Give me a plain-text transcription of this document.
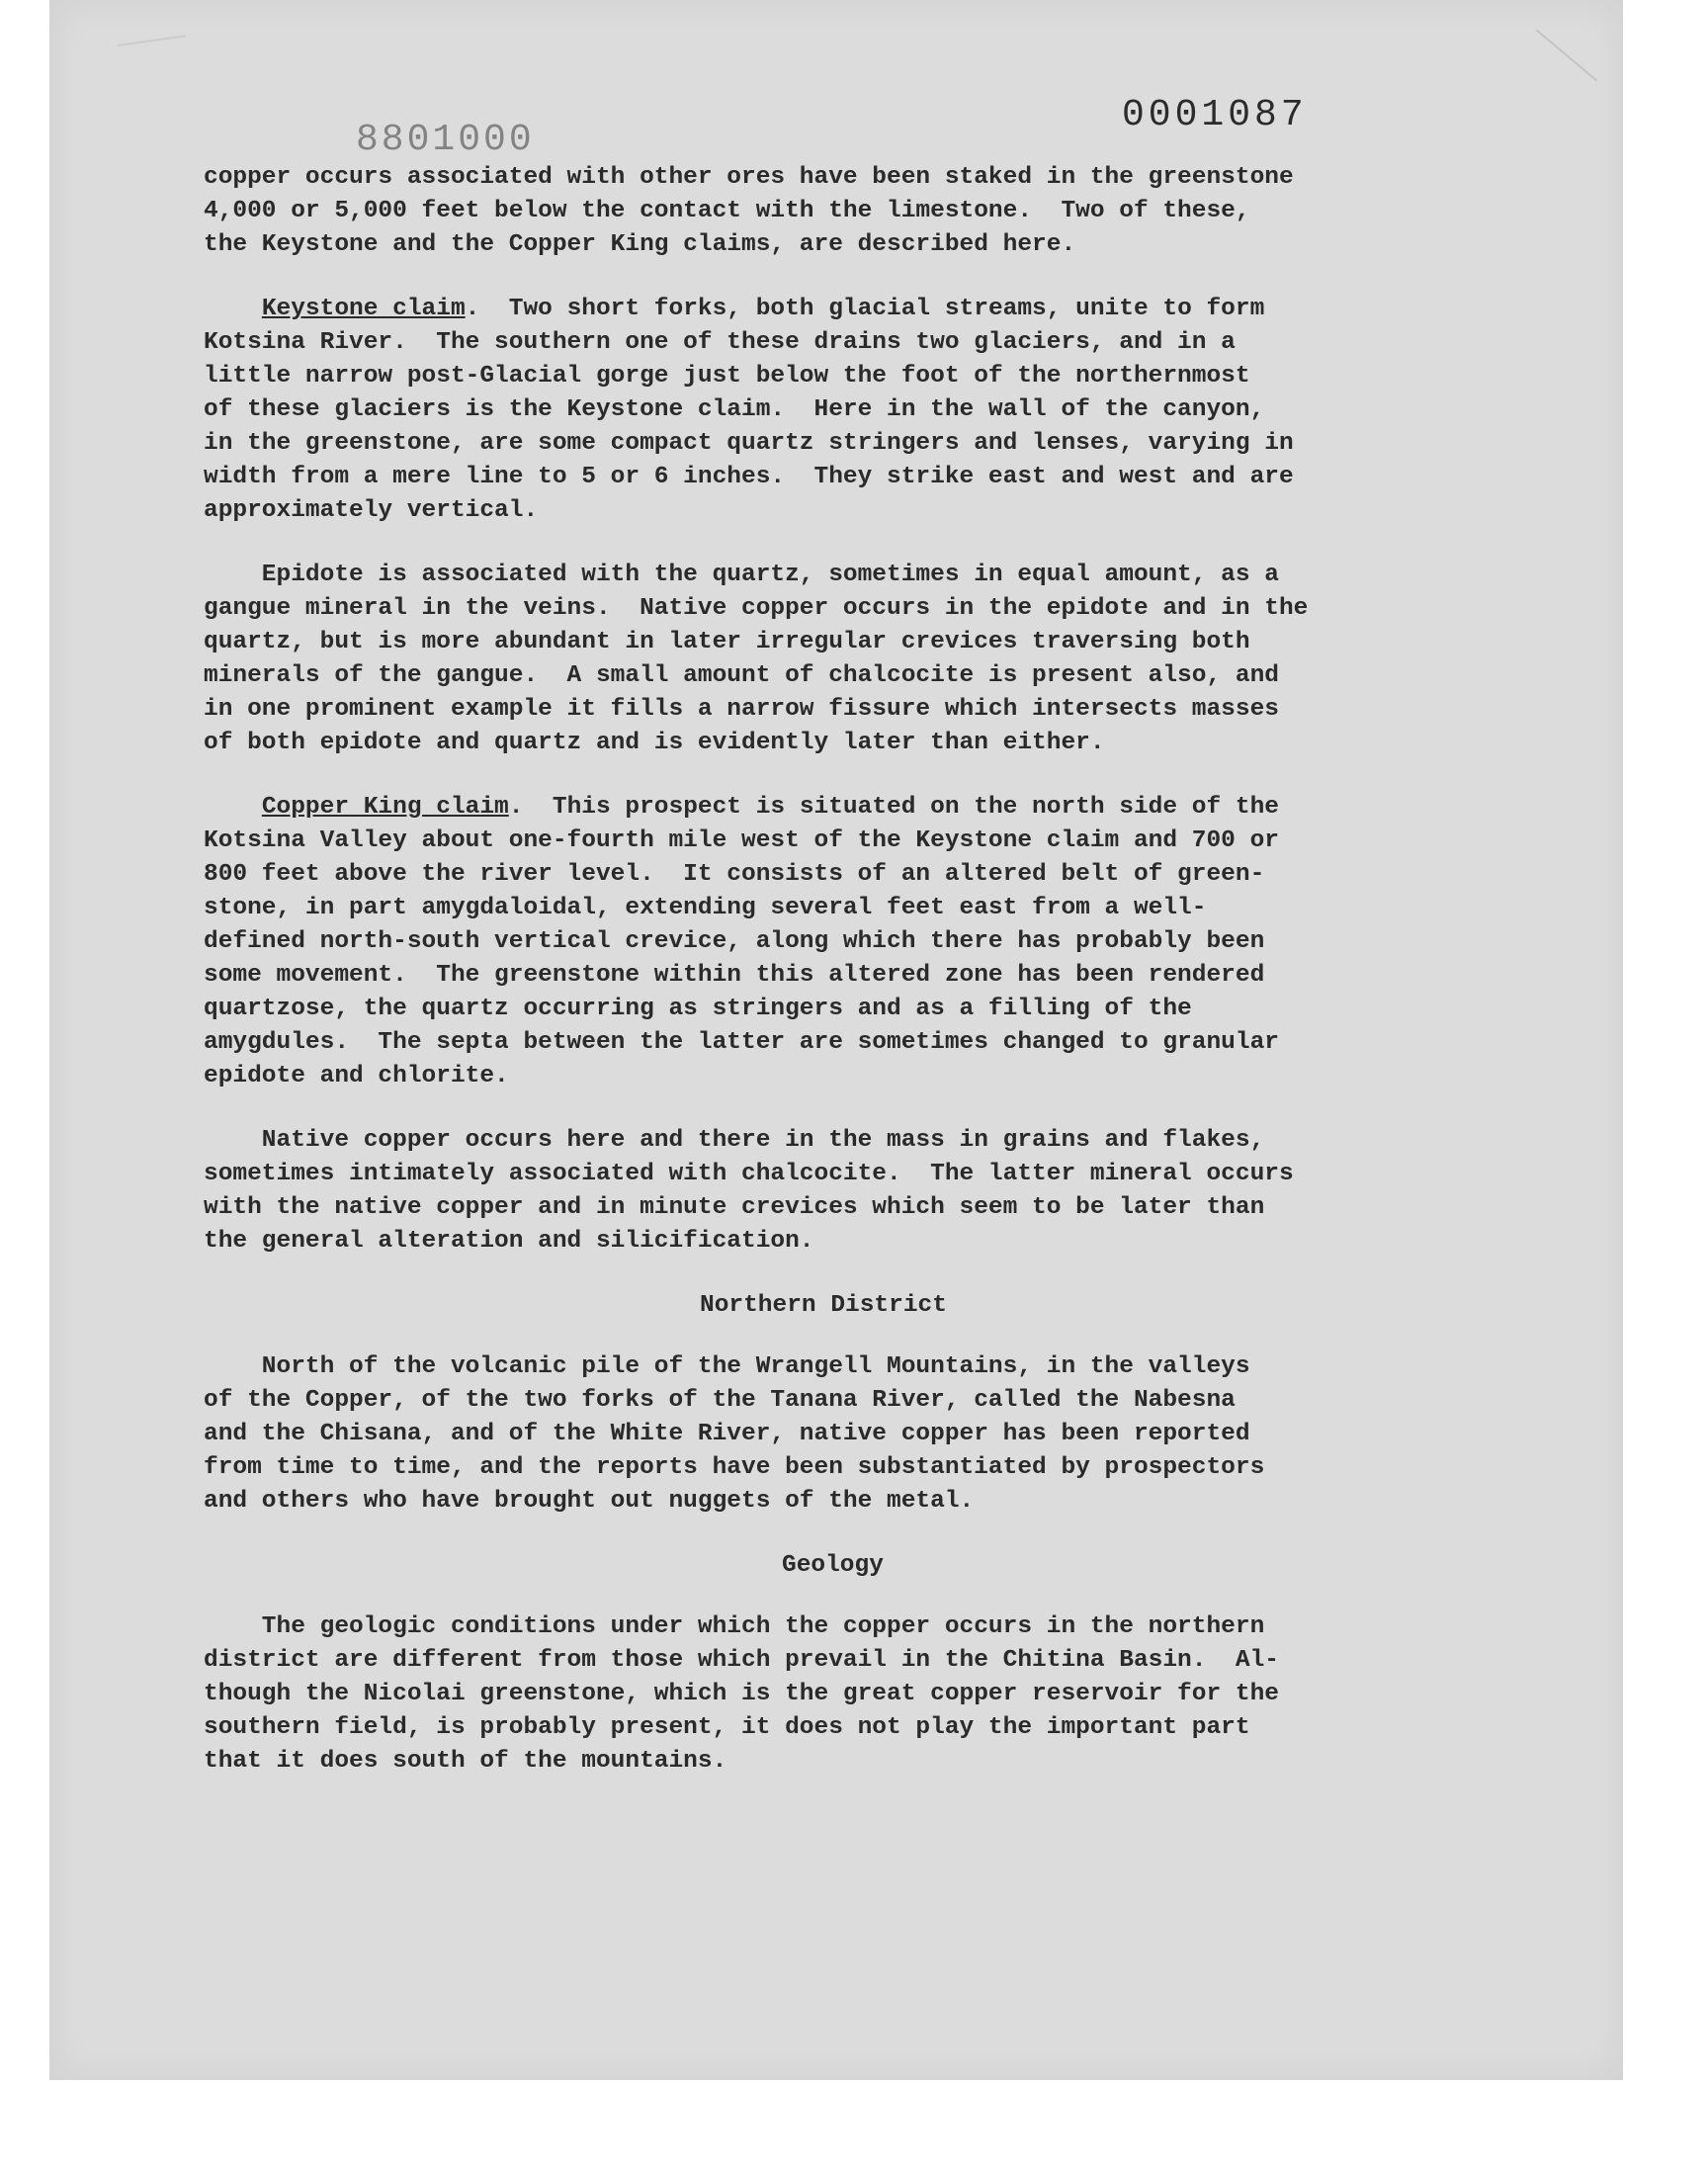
0001087
8801000

copper occurs associated with other ores have been staked in the greenstone
4,000 or 5,000 feet below the contact with the limestone.  Two of these,
the Keystone and the Copper King claims, are described here.

Keystone claim.  Two short forks, both glacial streams, unite to form
Kotsina River.  The southern one of these drains two glaciers, and in a
little narrow post-Glacial gorge just below the foot of the northernmost
of these glaciers is the Keystone claim.  Here in the wall of the canyon,
in the greenstone, are some compact quartz stringers and lenses, varying in
width from a mere line to 5 or 6 inches.  They strike east and west and are
approximately vertical.

Epidote is associated with the quartz, sometimes in equal amount, as a
gangue mineral in the veins.  Native copper occurs in the epidote and in the
quartz, but is more abundant in later irregular crevices traversing both
minerals of the gangue.  A small amount of chalcocite is present also, and
in one prominent example it fills a narrow fissure which intersects masses
of both epidote and quartz and is evidently later than either.

Copper King claim.  This prospect is situated on the north side of the
Kotsina Valley about one-fourth mile west of the Keystone claim and 700 or
800 feet above the river level.  It consists of an altered belt of green-
stone, in part amygdaloidal, extending several feet east from a well-
defined north-south vertical crevice, along which there has probably been
some movement.  The greenstone within this altered zone has been rendered
quartzose, the quartz occurring as stringers and as a filling of the
amygdules.  The septa between the latter are sometimes changed to granular
epidote and chlorite.

Native copper occurs here and there in the mass in grains and flakes,
sometimes intimately associated with chalcocite.  The latter mineral occurs
with the native copper and in minute crevices which seem to be later than
the general alteration and silicification.

Northern District

North of the volcanic pile of the Wrangell Mountains, in the valleys
of the Copper, of the two forks of the Tanana River, called the Nabesna
and the Chisana, and of the White River, native copper has been reported
from time to time, and the reports have been substantiated by prospectors
and others who have brought out nuggets of the metal.

Geology

The geologic conditions under which the copper occurs in the northern
district are different from those which prevail in the Chitina Basin.  Al-
though the Nicolai greenstone, which is the great copper reservoir for the
southern field, is probably present, it does not play the important part
that it does south of the mountains.
